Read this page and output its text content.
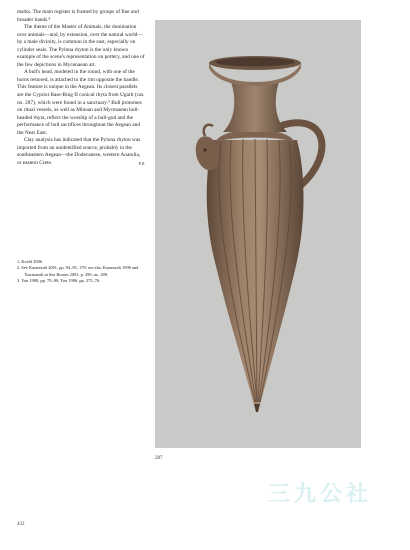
marks. The main register is framed by groups of fine and broader bands.⁸

The theme of the Master of Animals, the domination over animals—and, by extension, over the natural world—by a male divinity, is common in the east, especially on cylinder seals. The Pylona rhyton is the only known example of the scene's representation on pottery, and one of the few depictions in Mycenaean art.

A bull's head, modeled in the round, with one of the horns restored, is attached to the rim opposite the handle. This feature is unique in the Aegean. Its closest parallels are the Cypriot Base-Ring II conical rhyta from Ugarit (cat. no. 287), which were found in a sanctuary.⁹ Bull protomes on ritual vessels, as well as Minoan and Mycenaean bull-headed rhyta, reflect the worship of a bull-god and the performance of bull sacrifices throughout the Aegean and the Near East.

Clay analysis has indicated that the Pylona rhyton was imported from an unidentified source, probably in the southeastern Aegean—the Dodecanese, western Anatolia, or eastern Crete.	FZ

1. Koehl 2006.

2. See Karantzali 2001, pp. 94–95, 178; see also Karantzali 1998 and Karantzali in Sea Routes 2003, p. 296, no. 288.

3. Yon 1980, pp. 79–80; Yon 1986, pp. 275–76.

287
432
三九公社
